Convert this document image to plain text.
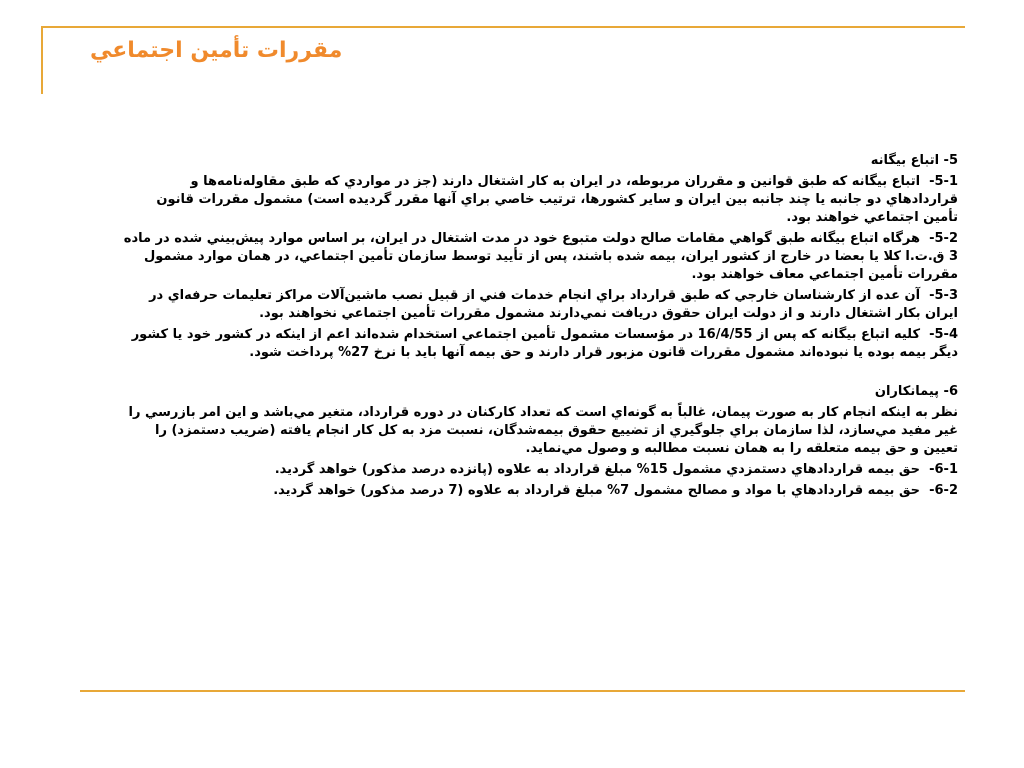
مقررات تأمين اجتماعي

5- اتباع بيگانه

5-1-  اتباع بيگانه كه طبق قوانين و مقرران مربوطه، در ايران به كار اشتغال دارند (جز در مواردي كه طبق مقاوله‌نامه‌ها و قراردادهاي دو جانبه يا چند جانبه بين ايران و ساير كشورها، ترتيب خاصي براي آنها مقرر گرديده است) مشمول مقررات قانون تأمين اجتماعي خواهند بود.

5-2-  هرگاه اتباع بيگانه طبق گواهي مقامات صالح دولت متبوع خود در مدت اشتغال در ايران، بر اساس موارد پيش‌بيني شده در ماده 3 ق.ت.ا كلا يا بعضا در خارج از كشور ايران، بيمه شده باشند، پس از تأييد توسط سازمان تأمين اجتماعي، در همان موارد مشمول مقررات تأمين اجتماعي معاف خواهند بود.

5-3-  آن عده از كارشناسان خارجي كه طبق قرارداد براي انجام خدمات فني از قبيل نصب ماشين‌آلات مراكز تعليمات حرفه‌اي در ايران بكار اشتغال دارند و از دولت ايران حقوق دريافت نمي‌دارند مشمول مقررات تأمين اجتماعي نخواهند بود.

5-4-  كليه اتباع بيگانه كه پس از 16/4/55 در مؤسسات مشمول تأمين اجتماعي استخدام شده‌اند اعم از اينكه در كشور خود يا كشور ديگر بيمه بوده يا نبوده‌اند مشمول مقررات قانون مزبور قرار دارند و حق بيمه آنها بايد با نرخ 27% پرداخت شود.

6- پيمانكاران

نظر به اينكه انجام كار به صورت پيمان، غالباً به گونه‌اي است كه تعداد كاركنان در دوره قرارداد، متغير مي‌باشد و اين امر بازرسي را غير مفيد مي‌سازد، لذا سازمان براي جلوگيري از تضييع حقوق بيمه‌شدگان، نسبت مزد به كل كار انجام يافته (ضريب دستمزد) را تعيين و حق بيمه متعلقه را به همان نسبت مطالبه و وصول مي‌نمايد.

6-1-  حق بيمه قراردادهاي دستمزدي مشمول 15% مبلغ قرارداد به علاوه (پانزده درصد مذكور) خواهد گرديد.

6-2-  حق بيمه قراردادهاي با مواد و مصالح مشمول 7% مبلغ قرارداد به علاوه (7 درصد مذكور) خواهد گرديد.
